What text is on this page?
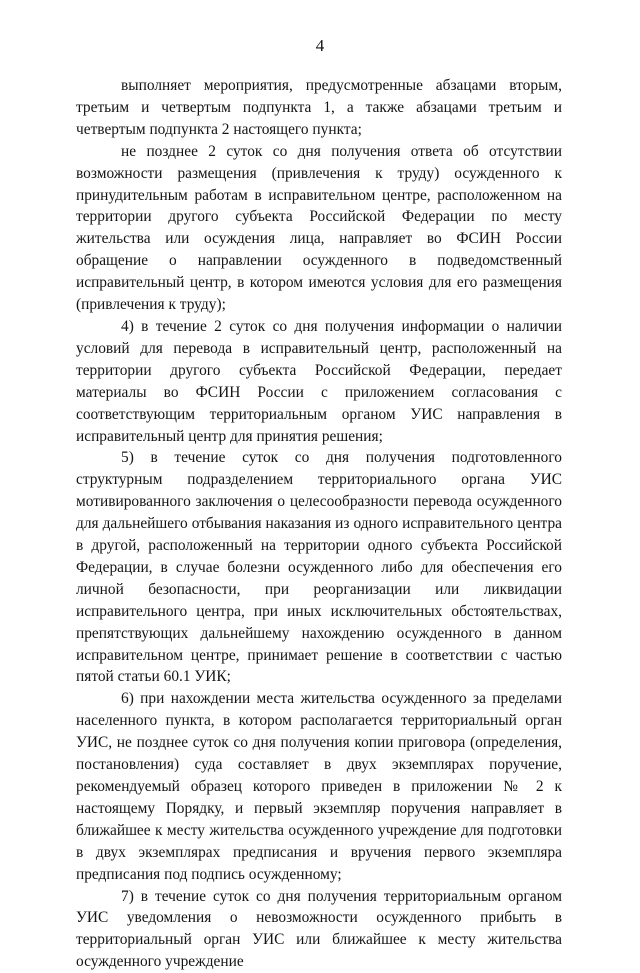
4

выполняет мероприятия, предусмотренные абзацами вторым, третьим и четвертым подпункта 1, а также абзацами третьим и четвертым подпункта 2 настоящего пункта;

не позднее 2 суток со дня получения ответа об отсутствии возможности размещения (привлечения к труду) осужденного к принудительным работам в исправительном центре, расположенном на территории другого субъекта Российской Федерации по месту жительства или осуждения лица, направляет во ФСИН России обращение о направлении осужденного в подведомственный исправительный центр, в котором имеются условия для его размещения (привлечения к труду);

4) в течение 2 суток со дня получения информации о наличии условий для перевода в исправительный центр, расположенный на территории другого субъекта Российской Федерации, передает материалы во ФСИН России с приложением согласования с соответствующим территориальным органом УИС направления в исправительный центр для принятия решения;

5) в течение суток со дня получения подготовленного структурным подразделением территориального органа УИС мотивированного заключения о целесообразности перевода осужденного для дальнейшего отбывания наказания из одного исправительного центра в другой, расположенный на территории одного субъекта Российской Федерации, в случае болезни осужденного либо для обеспечения его личной безопасности, при реорганизации или ликвидации исправительного центра, при иных исключительных обстоятельствах, препятствующих дальнейшему нахождению осужденного в данном исправительном центре, принимает решение в соответствии с частью пятой статьи 60.1 УИК;

6) при нахождении места жительства осужденного за пределами населенного пункта, в котором располагается территориальный орган УИС, не позднее суток со дня получения копии приговора (определения, постановления) суда составляет в двух экземплярах поручение, рекомендуемый образец которого приведен в приложении № 2 к настоящему Порядку, и первый экземпляр поручения направляет в ближайшее к месту жительства осужденного учреждение для подготовки в двух экземплярах предписания и вручения первого экземпляра предписания под подпись осужденному;

7) в течение суток со дня получения территориальным органом УИС уведомления о невозможности осужденного прибыть в территориальный орган УИС или ближайшее к месту жительства осужденного учреждение
